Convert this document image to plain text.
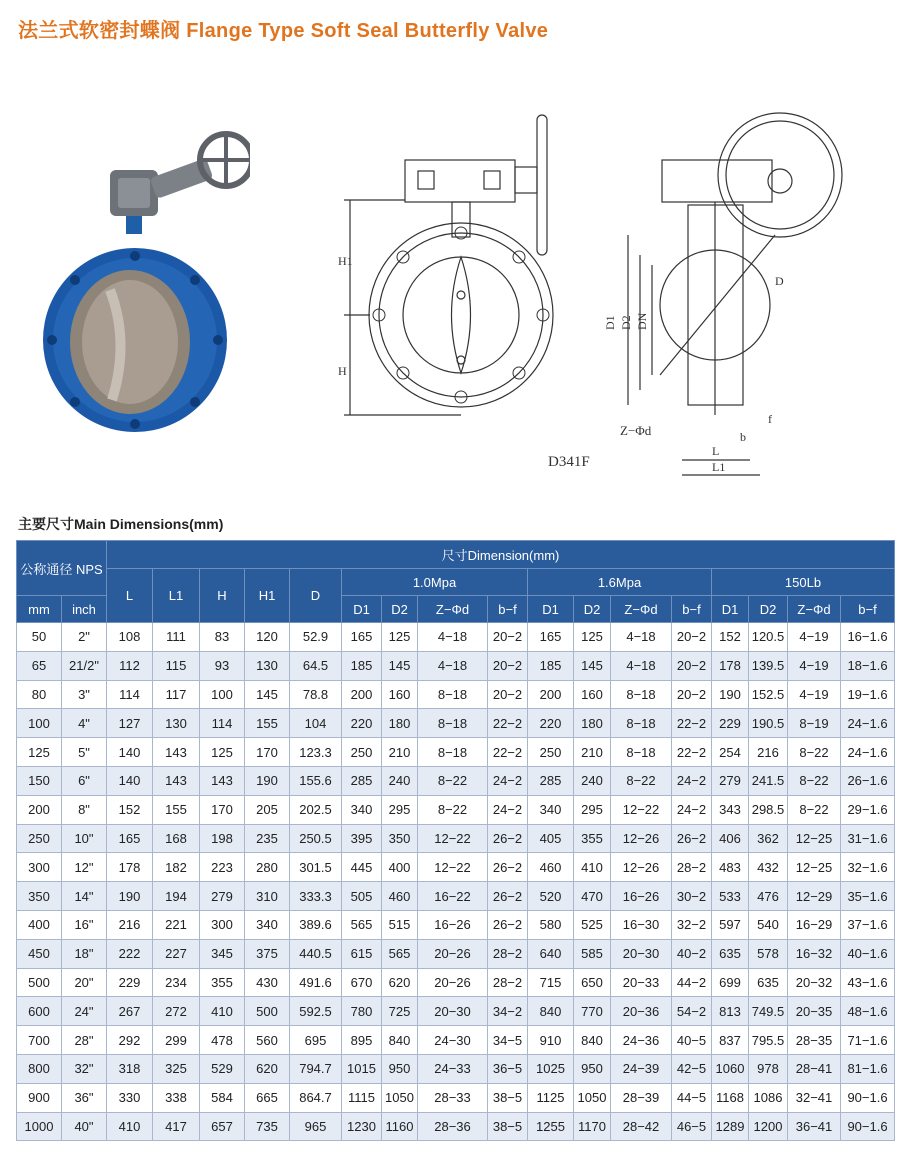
法兰式软密封蝶阀 Flange Type Soft Seal Butterfly Valve
H1
H
D1 D2 DN
D
Z−Φd	b
f
L
L1
D341F
主要尺寸Main Dimensions(mm)
公称通径 NPS		尺寸Dimension(mm)																
		L	L1	H	H1	D	1.0Mpa				1.6Mpa				150Lb			
mm	inch						D1	D2	Z−Φd	b−f	D1	D2	Z−Φd	b−f	D1	D2	Z−Φd	b−f
50	2"	108	111	83	120	52.9	165	125	4−18	20−2	165	125	4−18	20−2	152	120.5	4−19	16−1.6
65	21/2"	112	115	93	130	64.5	185	145	4−18	20−2	185	145	4−18	20−2	178	139.5	4−19	18−1.6
80	3"	114	117	100	145	78.8	200	160	8−18	20−2	200	160	8−18	20−2	190	152.5	4−19	19−1.6
100	4"	127	130	114	155	104	220	180	8−18	22−2	220	180	8−18	22−2	229	190.5	8−19	24−1.6
125	5"	140	143	125	170	123.3	250	210	8−18	22−2	250	210	8−18	22−2	254	216	8−22	24−1.6
150	6"	140	143	143	190	155.6	285	240	8−22	24−2	285	240	8−22	24−2	279	241.5	8−22	26−1.6
200	8"	152	155	170	205	202.5	340	295	8−22	24−2	340	295	12−22	24−2	343	298.5	8−22	29−1.6
250	10"	165	168	198	235	250.5	395	350	12−22	26−2	405	355	12−26	26−2	406	362	12−25	31−1.6
300	12"	178	182	223	280	301.5	445	400	12−22	26−2	460	410	12−26	28−2	483	432	12−25	32−1.6
350	14"	190	194	279	310	333.3	505	460	16−22	26−2	520	470	16−26	30−2	533	476	12−29	35−1.6
400	16"	216	221	300	340	389.6	565	515	16−26	26−2	580	525	16−30	32−2	597	540	16−29	37−1.6
450	18"	222	227	345	375	440.5	615	565	20−26	28−2	640	585	20−30	40−2	635	578	16−32	40−1.6
500	20"	229	234	355	430	491.6	670	620	20−26	28−2	715	650	20−33	44−2	699	635	20−32	43−1.6
600	24"	267	272	410	500	592.5	780	725	20−30	34−2	840	770	20−36	54−2	813	749.5	20−35	48−1.6
700	28"	292	299	478	560	695	895	840	24−30	34−5	910	840	24−36	40−5	837	795.5	28−35	71−1.6
800	32"	318	325	529	620	794.7	1015	950	24−33	36−5	1025	950	24−39	42−5	1060	978	28−41	81−1.6
900	36"	330	338	584	665	864.7	1115	1050	28−33	38−5	1125	1050	28−39	44−5	1168	1086	32−41	90−1.6
1000	40"	410	417	657	735	965	1230	1160	28−36	38−5	1255	1170	28−42	46−5	1289	1200	36−41	90−1.6
